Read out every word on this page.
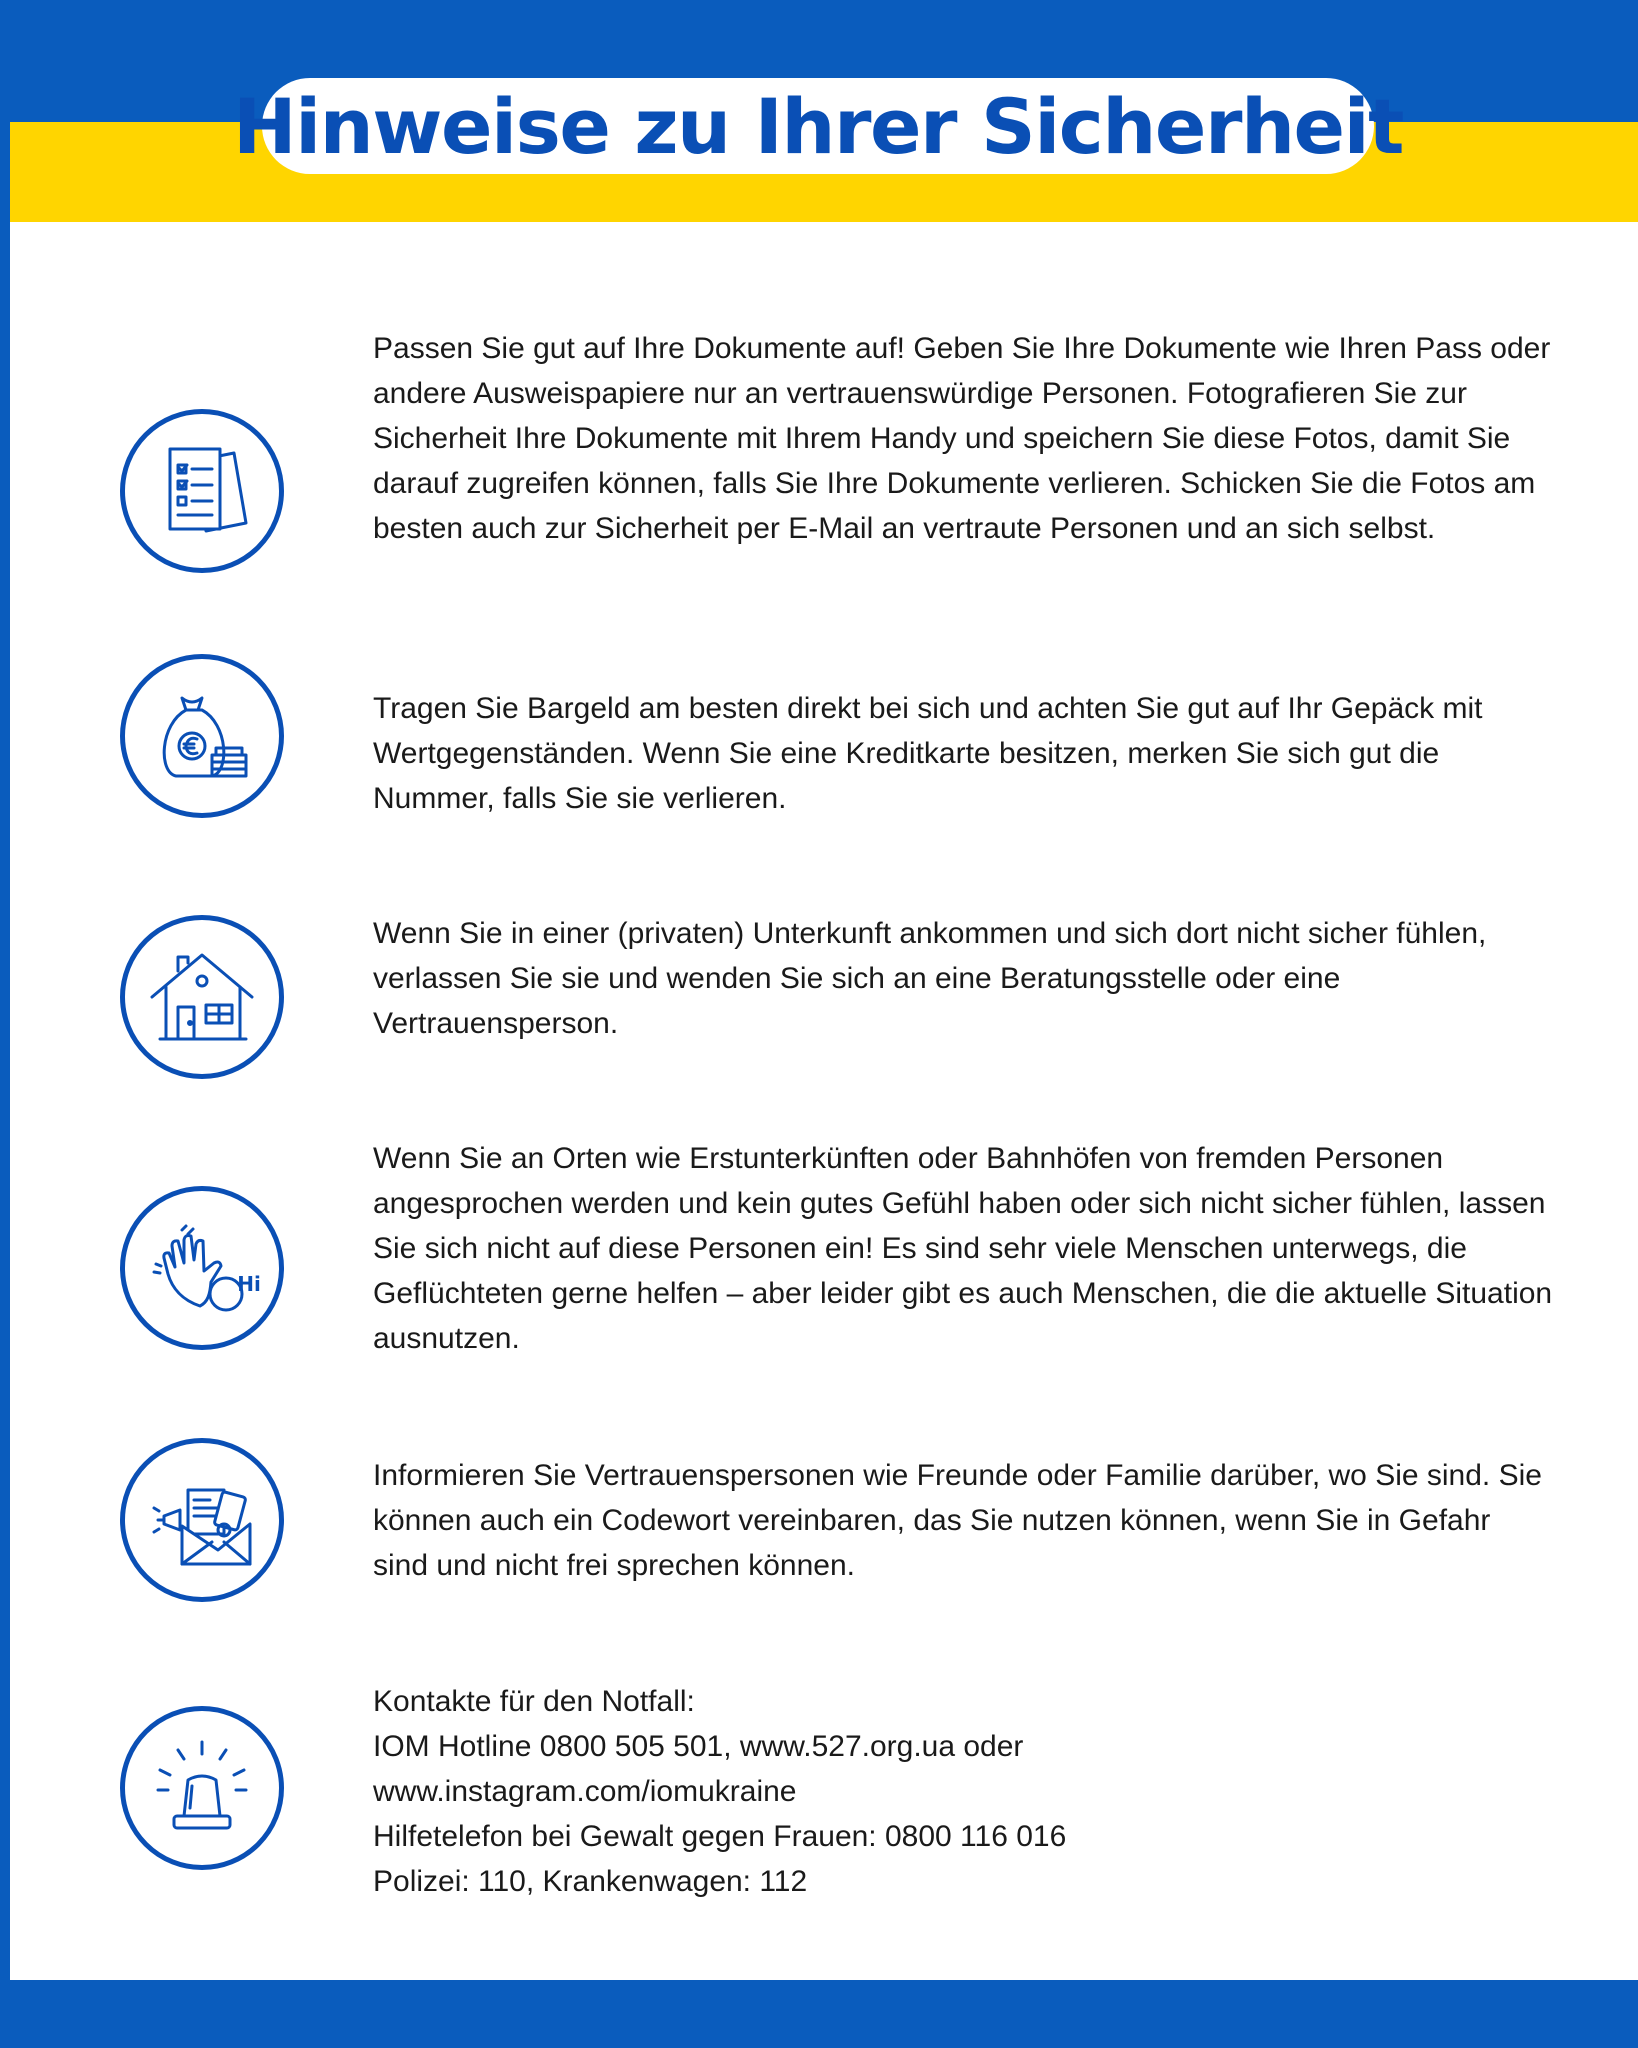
Hinweise zu Ihrer Sicherheit

Passen Sie gut auf Ihre Dokumente auf! Geben Sie Ihre Dokumente wie Ihren Pass oder andere Ausweispapiere nur an vertrauenswürdige Personen. Fotografieren Sie zur Sicherheit Ihre Dokumente mit Ihrem Handy und speichern Sie diese Fotos, damit Sie darauf zugreifen können, falls Sie Ihre Dokumente verlieren. Schicken Sie die Fotos am besten auch zur Sicherheit per E-Mail an vertraute Personen und an sich selbst.

Tragen Sie Bargeld am besten direkt bei sich und achten Sie gut auf Ihr Gepäck mit Wertgegenständen. Wenn Sie eine Kreditkarte besitzen, merken Sie sich gut die Nummer, falls Sie sie verlieren.

Wenn Sie in einer (privaten) Unterkunft ankommen und sich dort nicht sicher fühlen, verlassen Sie sie und wenden Sie sich an eine Beratungsstelle oder eine Vertrauensperson.

Wenn Sie an Orten wie Erstunterkünften oder Bahnhöfen von fremden Personen angesprochen werden und kein gutes Gefühl haben oder sich nicht sicher fühlen, lassen Sie sich nicht auf diese Personen ein! Es sind sehr viele Menschen unterwegs, die Geflüchteten gerne helfen – aber leider gibt es auch Menschen, die die aktuelle Situation ausnutzen.

Informieren Sie Vertrauenspersonen wie Freunde oder Familie darüber, wo Sie sind. Sie können auch ein Codewort vereinbaren, das Sie nutzen können, wenn Sie in Gefahr sind und nicht frei sprechen können.

Kontakte für den Notfall:
IOM Hotline 0800 505 501, www.527.org.ua oder
www.instagram.com/iomukraine
Hilfetelefon bei Gewalt gegen Frauen: 0800 116 016
Polizei: 110, Krankenwagen: 112
Hi
